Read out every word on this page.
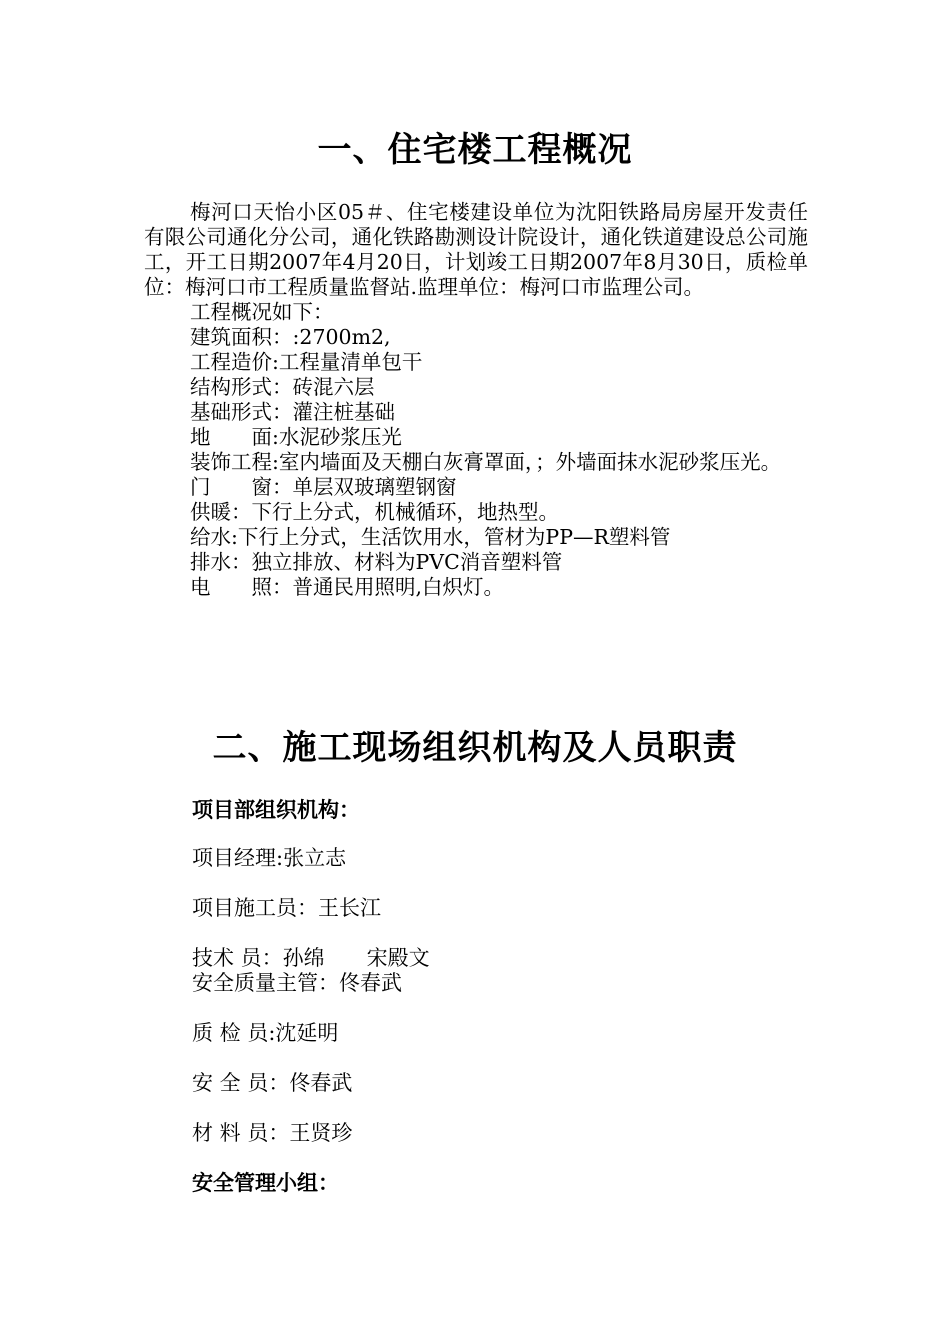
一、住宅楼工程概况

梅河口天怡小区05＃、住宅楼建设单位为沈阳铁路局房屋开发责任有限公司通化分公司，通化铁路勘测设计院设计，通化铁道建设总公司施工，开工日期2007年4月20日，计划竣工日期2007年8月30日，质检单位：梅河口市工程质量监督站.监理单位：梅河口市监理公司。

工程概况如下：

建筑面积：:2700m2,

工程造价:工程量清单包干

结构形式：砖混六层

基础形式：灌注桩基础

地　　面:水泥砂浆压光

装饰工程:室内墙面及天棚白灰膏罩面，；外墙面抹水泥砂浆压光。

门　　窗：单层双玻璃塑钢窗

供暖：下行上分式，机械循环，地热型。

给水:下行上分式，生活饮用水，管材为PP—R塑料管

排水：独立排放、材料为PVC消音塑料管

电　　照：普通民用照明,白炽灯。

二、施工现场组织机构及人员职责

项目部组织机构：

项目经理:张立志

项目施工员：王长江

技术 员：孙绵　　宋殿文

安全质量主管：佟春武

质 检 员:沈延明

安 全 员：佟春武

材 料 员：王贤珍

安全管理小组：
